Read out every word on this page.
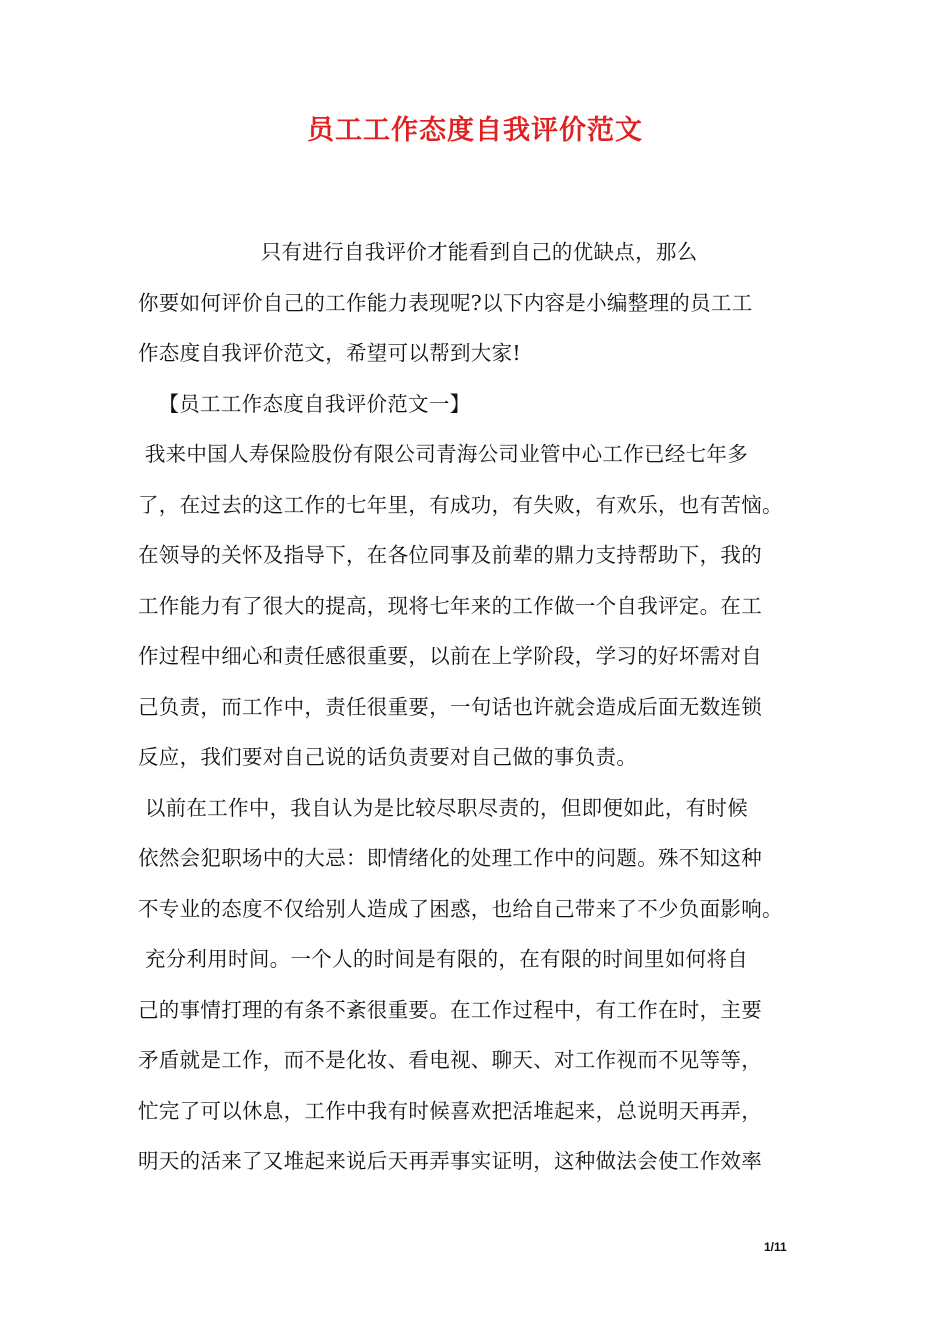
员工工作态度自我评价范文
只有进行自我评价才能看到自己的优缺点，那么
你要如何评价自己的工作能力表现呢?以下内容是小编整理的员工工
作态度自我评价范文，希望可以帮到大家!
【员工工作态度自我评价范文一】
我来中国人寿保险股份有限公司青海公司业管中心工作已经七年多
了，在过去的这工作的七年里，有成功，有失败，有欢乐，也有苦恼。
在领导的关怀及指导下，在各位同事及前辈的鼎力支持帮助下，我的
工作能力有了很大的提高，现将七年来的工作做一个自我评定。在工
作过程中细心和责任感很重要，以前在上学阶段，学习的好坏需对自
己负责，而工作中，责任很重要，一句话也许就会造成后面无数连锁
反应，我们要对自己说的话负责要对自己做的事负责。
以前在工作中，我自认为是比较尽职尽责的，但即便如此，有时候
依然会犯职场中的大忌：即情绪化的处理工作中的问题。殊不知这种
不专业的态度不仅给别人造成了困惑，也给自己带来了不少负面影响。
充分利用时间。一个人的时间是有限的，在有限的时间里如何将自
己的事情打理的有条不紊很重要。在工作过程中，有工作在时，主要
矛盾就是工作，而不是化妆、看电视、聊天、对工作视而不见等等，
忙完了可以休息，工作中我有时候喜欢把活堆起来，总说明天再弄，
明天的活来了又堆起来说后天再弄事实证明，这种做法会使工作效率
1/11
